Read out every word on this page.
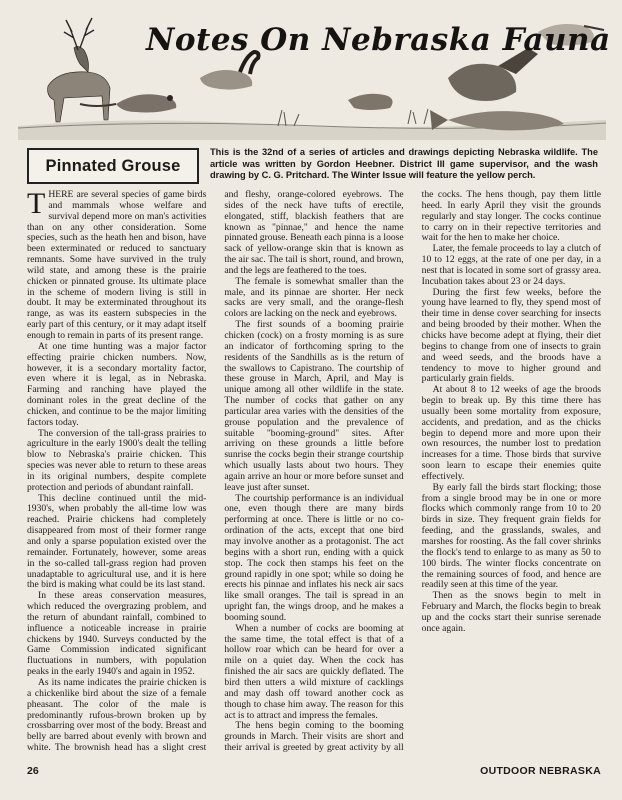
Notes On Nebraska Fauna
Pinnated Grouse

This is the 32nd of a series of articles and drawings depicting Nebraska wildlife. The article was written by Gordon Heebner. District III game supervisor, and the wash drawing by C. G. Pritchard. The Winter Issue will feature the yellow perch.

THERE are several species of game birds and mammals whose welfare and survival depend more on man's activities than on any other consideration. Some species, such as the heath hen and bison, have been exterminated or reduced to sanctuary remnants. Some have survived in the truly wild state, and among these is the prairie chicken or pinnated grouse. Its ultimate place in the scheme of modern living is still in doubt. It may be exterminated throughout its range, as was its eastern subspecies in the early part of this century, or it may adapt itself enough to remain in parts of its present range.

At one time hunting was a major factor effecting prairie chicken numbers. Now, however, it is a secondary mortality factor, even where it is legal, as in Nebraska. Farming and ranching have played the dominant roles in the great decline of the chicken, and continue to be the major limiting factors today.

The conversion of the tall-grass prairies to agriculture in the early 1900's dealt the telling blow to Nebraska's prairie chicken. This species was never able to return to these areas in its original numbers, despite complete protection and periods of abundant rainfall.

This decline continued until the mid-1930's, when probably the all-time low was reached. Prairie chickens had completely disappeared from most of their former range and only a sparse population existed over the remainder. Fortunately, however, some areas in the so-called tall-grass region had proven unadaptable to agricultural use, and it is here the bird is making what could be its last stand.

In these areas conservation measures, which reduced the overgrazing problem, and the return of abundant rainfall, combined to influence a noticeable increase in prairie chickens by 1940. Surveys conducted by the Game Commission indicated significant fluctuations in numbers, with population peaks in the early 1940's and again in 1952.

As its name indicates the prairie chicken is a chickenlike bird about the size of a female pheasant. The color of the male is predominantly rufous-brown broken up by crossbarring over most of the body. Breast and belly are barred about evenly with brown and white. The brownish head has a slight crest and fleshy, orange-colored eyebrows. The sides of the neck have tufts of erectile, elongated, stiff, blackish feathers that are known as "pinnae," and hence the name pinnated grouse. Beneath each pinna is a loose sack of yellow-orange skin that is known as the air sac. The tail is short, round, and brown, and the legs are feathered to the toes.

The female is somewhat smaller than the male, and its pinnae are shorter. Her neck sacks are very small, and the orange-flesh colors are lacking on the neck and eyebrows.

The first sounds of a booming prairie chicken (cock) on a frosty morning is as sure an indicator of forthcoming spring to the residents of the Sandhills as is the return of the swallows to Capistrano. The courtship of these grouse in March, April, and May is unique among all other wildlife in the state. The number of cocks that gather on any particular area varies with the densities of the grouse population and the prevalence of suitable "booming-ground" sites. After arriving on these grounds a little before sunrise the cocks begin their strange courtship which usually lasts about two hours. They again arrive an hour or more before sunset and leave just after sunset.

The courtship performance is an individual one, even though there are many birds performing at once. There is little or no co-ordination of the acts, except that one bird may involve another as a protagonist. The act begins with a short run, ending with a quick stop. The cock then stamps his feet on the ground rapidly in one spot; while so doing he erects his pinnae and inflates his neck air sacs like small oranges. The tail is spread in an upright fan, the wings droop, and he makes a booming sound.

When a number of cocks are booming at the same time, the total effect is that of a hollow roar which can be heard for over a mile on a quiet day. When the cock has finished the air sacs are quickly deflated. The bird then utters a wild mixture of cacklings and may dash off toward another cock as though to chase him away. The reason for this act is to attract and impress the females.

The hens begin coming to the booming grounds in March. Their visits are short and their arrival is greeted by great activity by all the cocks. The hens though, pay them little heed. In early April they visit the grounds regularly and stay longer. The cocks continue to carry on in their repective territories and wait for the hen to make her choice.

Later, the female proceeds to lay a clutch of 10 to 12 eggs, at the rate of one per day, in a nest that is located in some sort of grassy area. Incubation takes about 23 or 24 days.

During the first few weeks, before the young have learned to fly, they spend most of their time in dense cover searching for insects and being brooded by their mother. When the chicks have become adept at flying, their diet begins to change from one of insects to grain and weed seeds, and the broods have a tendency to move to higher ground and particularly grain fields.

At about 8 to 12 weeks of age the broods begin to break up. By this time there has usually been some mortality from exposure, accidents, and predation, and as the chicks begin to depend more and more upon their own resources, the number lost to predation increases for a time. Those birds that survive soon learn to escape their enemies quite effectively.

By early fall the birds start flocking; those from a single brood may be in one or more flocks which commonly range from 10 to 20 birds in size. They frequent grain fields for feeding, and the grasslands, swales, and marshes for roosting. As the fall cover shrinks the flock's tend to enlarge to as many as 50 to 100 birds. The winter flocks concentrate on the remaining sources of food, and hence are readily seen at this time of the year.

Then as the snows begin to melt in February and March, the flocks begin to break up and the cocks start their sunrise serenade once again.

26	OUTDOOR NEBRASKA
